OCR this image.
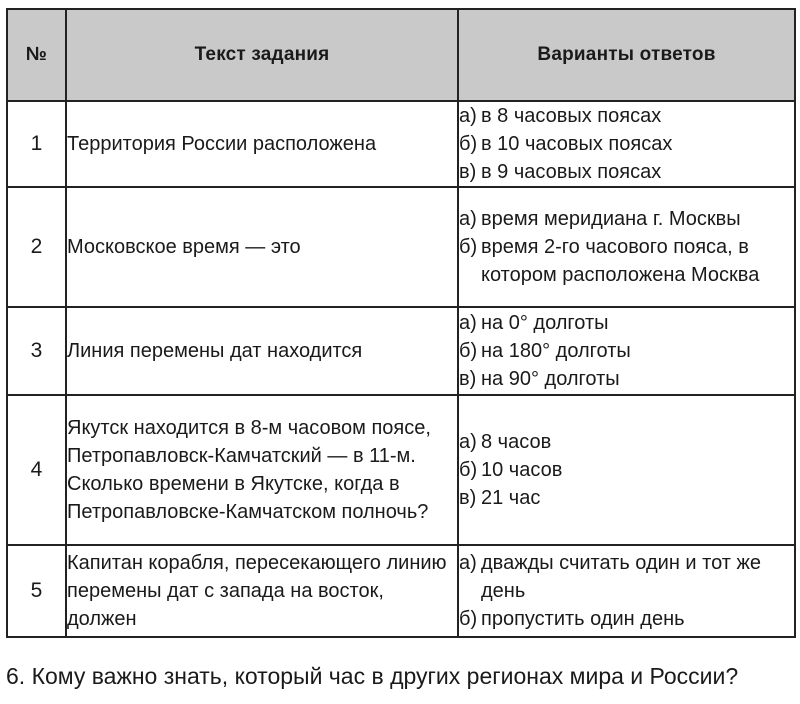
№	Текст задания	Варианты ответов
1	Территория России расположена	а) в 8 часовых поясах
б) в 10 часовых поясах
в) в 9 часовых поясах

2	Московское время — это	а) время меридиана г. Москвы
б) время 2-го часового пояса, в котором расположена Москва

3	Линия перемены дат находится	а) на 0° долготы
б) на 180° долготы
в) на 90° долготы

4	Якутск находится в 8-м часовом поясе, Петропавловск-Камчатский — в 11-м. Сколько времени в Якутске, когда в Петропавловске-Камчатском полночь?	а) 8 часов
б) 10 часов
в) 21 час

5	Капитан корабля, пересекающего линию перемены дат с запада на восток, должен	а) дважды считать один и тот же день
б) пропустить один день
6. Кому важно знать, который час в других регионах мира и России?
